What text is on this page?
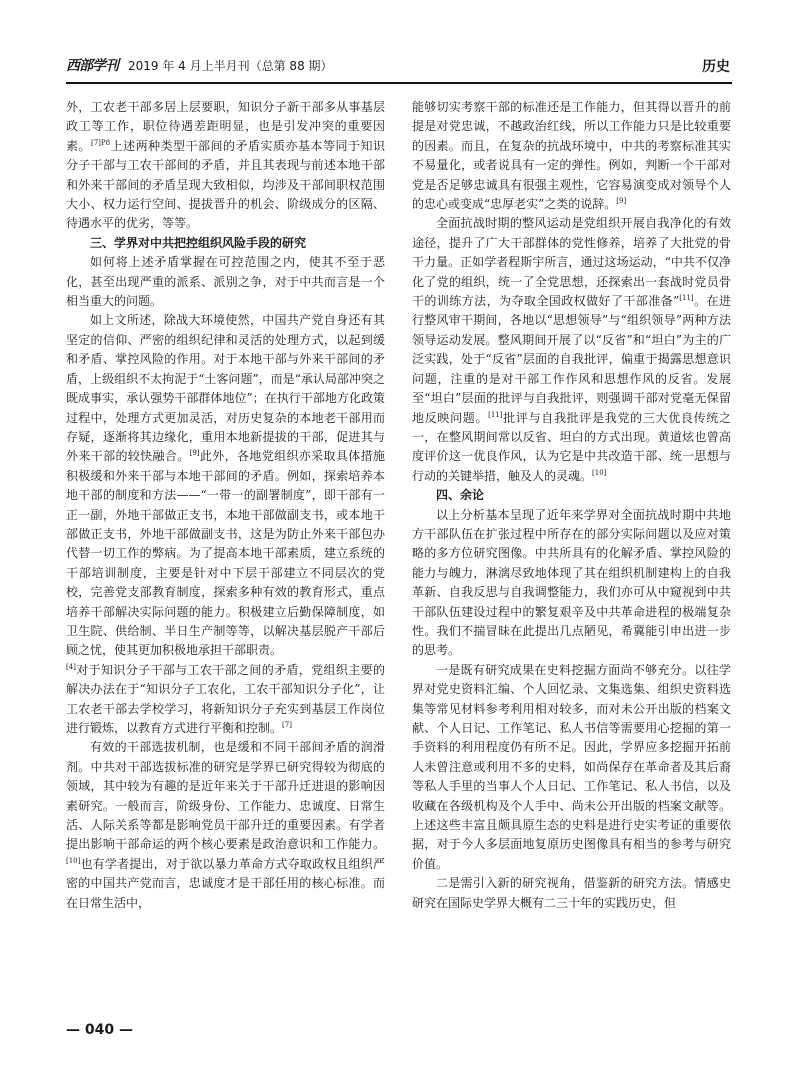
西部学刊 2019 年 4 月上半月刊（总第 88 期）	历史

外，工农老干部多居上层要职，知识分子新干部多从事基层政工等工作，职位待遇差距明显，也是引发冲突的重要因素。$^{[7]P8}$上述两种类型干部间的矛盾实质亦基本等同于知识分子干部与工农干部间的矛盾，并且其表现与前述本地干部和外来干部间的矛盾呈现大致相似，均涉及干部间职权范围大小、权力运行空间、提拔晋升的机会、阶级成分的区隔、待遇水平的优劣，等等。

三、学界对中共把控组织风险手段的研究

如何将上述矛盾掌握在可控范围之内，使其不至于恶化，甚至出现严重的派系、派别之争，对于中共而言是一个相当重大的问题。

如上文所述，除战大环境使然，中国共产党自身还有其坚定的信仰、严密的组织纪律和灵活的处理方式，以起到缓和矛盾、掌控风险的作用。对于本地干部与外来干部间的矛盾，上级组织不太拘泥于“土客问题”，而是“承认局部冲突之既成事实，承认强势干部群体地位”；在执行干部地方化政策过程中，处理方式更加灵活，对历史复杂的本地老干部用而存疑，逐渐将其边缘化，重用本地新提拔的干部，促进其与外来干部的较快融合。[9]此外，各地党组织亦采取具体措施积极缓和外来干部与本地干部间的矛盾。例如，探索培养本地干部的制度和方法——“一带一的副署制度”，即干部有一正一副，外地干部做正支书，本地干部做副支书，或本地干部做正支书，外地干部做副支书，这是为防止外来干部包办代替一切工作的弊病。为了提高本地干部素质，建立系统的干部培训制度，主要是针对中下层干部建立不同层次的党校，完善党支部教育制度，探索多种有效的教育形式，重点培养干部解决实际问题的能力。积极建立后勤保障制度，如卫生院、供给制、半日生产制等等，以解决基层脱产干部后顾之忧，使其更加积极地承担干部职责。

[4]对于知识分子干部与工农干部之间的矛盾，党组织主要的解决办法在于“知识分子工农化，工农干部知识分子化”，让工农老干部去学校学习，将新知识分子充实到基层工作岗位进行锻炼，以教育方式进行平衡和控制。[7]

有效的干部选拔机制，也是缓和不同干部间矛盾的润滑剂。中共对干部选拔标准的研究是学界已研究得较为彻底的领域，其中较为有趣的是近年来关于干部升迁进退的影响因素研究。一般而言，阶级身份、工作能力、忠诚度、日常生活、人际关系等都是影响党员干部升迁的重要因素。有学者提出影响干部命运的两个核心要素是政治意识和工作能力。[10]也有学者提出，对于欲以暴力革命方式夺取政权且组织严密的中国共产党而言，忠诚度才是干部任用的核心标准。而在日常生活中，

能够切实考察干部的标准还是工作能力，但其得以晋升的前提是对党忠诚，不越政治红线，所以工作能力只是比较重要的因素。而且，在复杂的抗战环境中，中共的考察标准其实不易量化，或者说具有一定的弹性。例如，判断一个干部对党是否足够忠诚具有很强主观性，它容易演变成对领导个人的忠心或变成“忠厚老实”之类的说辞。[9]

全面抗战时期的整风运动是党组织开展自我净化的有效途径，提升了广大干部群体的党性修养，培养了大批党的骨干力量。正如学者程斯宇所言，通过这场运动，“中共不仅净化了党的组织，统一了全党思想，还探索出一套战时党员骨干的训练方法，为夺取全国政权做好了干部准备”[11]。在进行整风审干期间，各地以“思想领导”与“组织领导”两种方法领导运动发展。整风期间开展了以“反省”和“坦白”为主的广泛实践，处于“反省”层面的自我批评，偏重于揭露思想意识问题，注重的是对干部工作作风和思想作风的反省。发展至“坦白”层面的批评与自我批评，则强调干部对党毫无保留地反映问题。[11]批评与自我批评是我党的三大优良传统之一，在整风期间常以反省、坦白的方式出现。黄道炫也曾高度评价这一优良作风，认为它是中共改造干部、统一思想与行动的关键举措，触及人的灵魂。[10]

四、余论

以上分析基本呈现了近年来学界对全面抗战时期中共地方干部队伍在扩张过程中所存在的部分实际问题以及应对策略的多方位研究图像。中共所具有的化解矛盾、掌控风险的能力与魄力，淋漓尽致地体现了其在组织机制建构上的自我革新、自我反思与自我调整能力，我们亦可从中窥视到中共干部队伍建设过程中的繁复艰辛及中共革命进程的极端复杂性。我们不揣冒昧在此提出几点陋见，希冀能引申出进一步的思考。

一是既有研究成果在史料挖掘方面尚不够充分。以往学界对党史资料汇编、个人回忆录、文集选集、组织史资料选集等常见材料参考利用相对较多，而对未公开出版的档案文献、个人日记、工作笔记、私人书信等需要用心挖掘的第一手资料的利用程度仍有所不足。因此，学界应多挖掘开拓前人未曾注意或利用不多的史料，如尚保存在革命者及其后裔等私人手里的当事人个人日记、工作笔记、私人书信，以及收藏在各级机构及个人手中、尚未公开出版的档案文献等。上述这些丰富且颇具原生态的史料是进行史实考证的重要依据，对于今人多层面地复原历史图像具有相当的参考与研究价值。

二是需引入新的研究视角，借鉴新的研究方法。情感史研究在国际史学界大概有二三十年的实践历史，但

— 040 —
